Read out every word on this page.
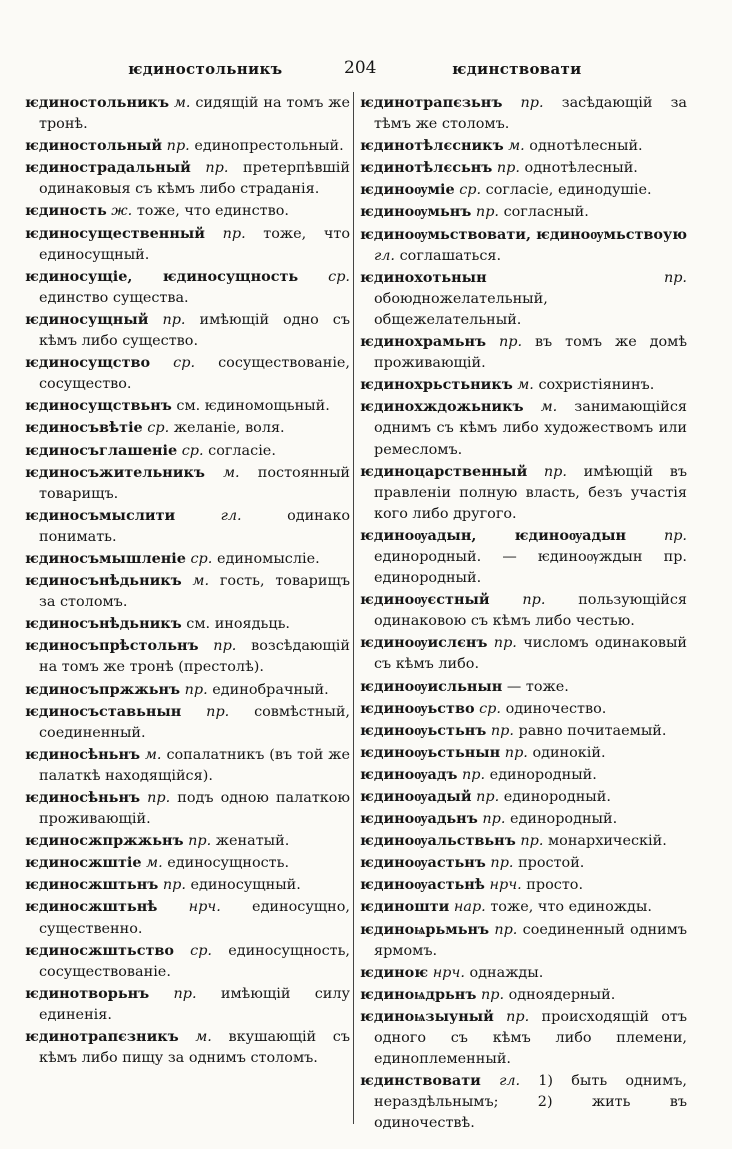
ѥдиностольникъ	204	ѥдинствовати

ѥдиностольникъ м. сидящій на томъ же тронѣ.

ѥдиностольный пр. единопрестольный.

ѥдинострадальный пр. претерпѣвшій одинаковыя съ кѣмъ либо страданія.

ѥдиность ж. тоже, что единство.

ѥдиносущественный пр. тоже, что единосущный.

ѥдиносущіе, ѥдиносущность ср. единство существа.

ѥдиносущный пр. имѣющій одно съ кѣмъ либо существо.

ѥдиносущство ср. сосуществованіе, сосущество.

ѥдиносущствьнъ см. ѥдиномощьный.

ѥдиносъвѣтіе ср. желаніе, воля.

ѥдиносъглашеніе ср. согласіе.

ѥдиносъжительникъ м. постоянный товарищъ.

ѥдиносъмыслити	гл.	одинако понимать.

ѥдиносъмышленіе ср. единомысліе.

ѥдиносънѣдьникъ м. гость, товарищъ за столомъ.

ѥдиносънѣдьникъ см. иноядьць.

ѥдиносъпрѣстольнъ пр. возсѣдающій на томъ же тронѣ (престолѣ).

ѥдиносъпржжьнъ пр. единобрачный.

ѥдиносъставьнын пр. совмѣстный, соединенный.

ѥдиносѣньнъ м. сопалатникъ (въ той же палаткѣ находящійся).

ѥдиносѣньнъ пр. подъ одною палаткою проживающій.

ѥдиносжпржжьнъ пр. женатый.

ѥдиносжштіе м. единосущность.

ѥдиносжштьнъ пр. единосущный.

ѥдиносжштьнѣ нрч. единосущно, существенно.

ѥдиносжштьство ср. единосущность, сосуществованіе.

ѥдинотворьнъ пр. имѣющій силу единенія.

ѥдинотрапєзникъ м. вкушающій съ кѣмъ либо пищу за однимъ столомъ.

ѥдинотрапєзьнъ пр. засѣдающій за тѣмъ же столомъ.

ѥдинотѣлєсникъ м. однотѣлесный.

ѥдинотѣлєсьнъ пр. однотѣлесный.

ѥдиноѹміе ср. согласіе, единодушіе.

ѥдиноѹмьнъ пр. согласный.

ѥдиноѹмьствовати, ѥдиноѹмьствоую гл. соглашаться.

ѥдинохотьнын	пр. обоюдножелательный, общежелательный.

ѥдинохрамьнъ пр. въ томъ же домѣ проживающій.

ѥдинохрьстьникъ м. сохристіянинъ.

ѥдинохждожьникъ м. занимающійся однимъ съ кѣмъ либо художествомъ или ремесломъ.

ѥдиноцарственный пр. имѣющій въ правленіи полную власть, безъ участія кого либо другого.

ѥдиноѹадын, ѥдиноѹадын	пр. единородный. — ѥдиноѹждын пр. единородный.

ѥдиноѹєстный пр. пользующійся одинаковою съ кѣмъ либо честью.

ѥдиноѹислєнъ пр. числомъ одинаковый съ кѣмъ либо.

ѥдиноѹисльнын — тоже.

ѥдиноѹьство ср. одиночество.

ѥдиноѹьстьнъ пр. равно почитаемый.

ѥдиноѹьстьнын пр. одинокій.

ѥдиноѹадъ пр. единородный.

ѥдиноѹадый пр. единородный.

ѥдиноѹадьнъ пр. единородный.

ѥдиноѹальствьнъ пр. монархическій.

ѥдиноѹастьнъ пр. простой.

ѥдиноѹастьнѣ нрч. просто.

ѥдиношти нар. тоже, что единожды.

ѥдиноѩрьмьнъ пр. соединенный однимъ ярмомъ.

ѥдиноѥ нрч. однажды.

ѥдиноѩдрьнъ пр. одноядерный.

ѥдиноѩзыуный пр. происходящій отъ одного съ кѣмъ либо племени, единоплеменный.

ѥдинствовати гл. 1) быть однимъ, нераздѣльнымъ; 2) жить въ одиночествѣ.
